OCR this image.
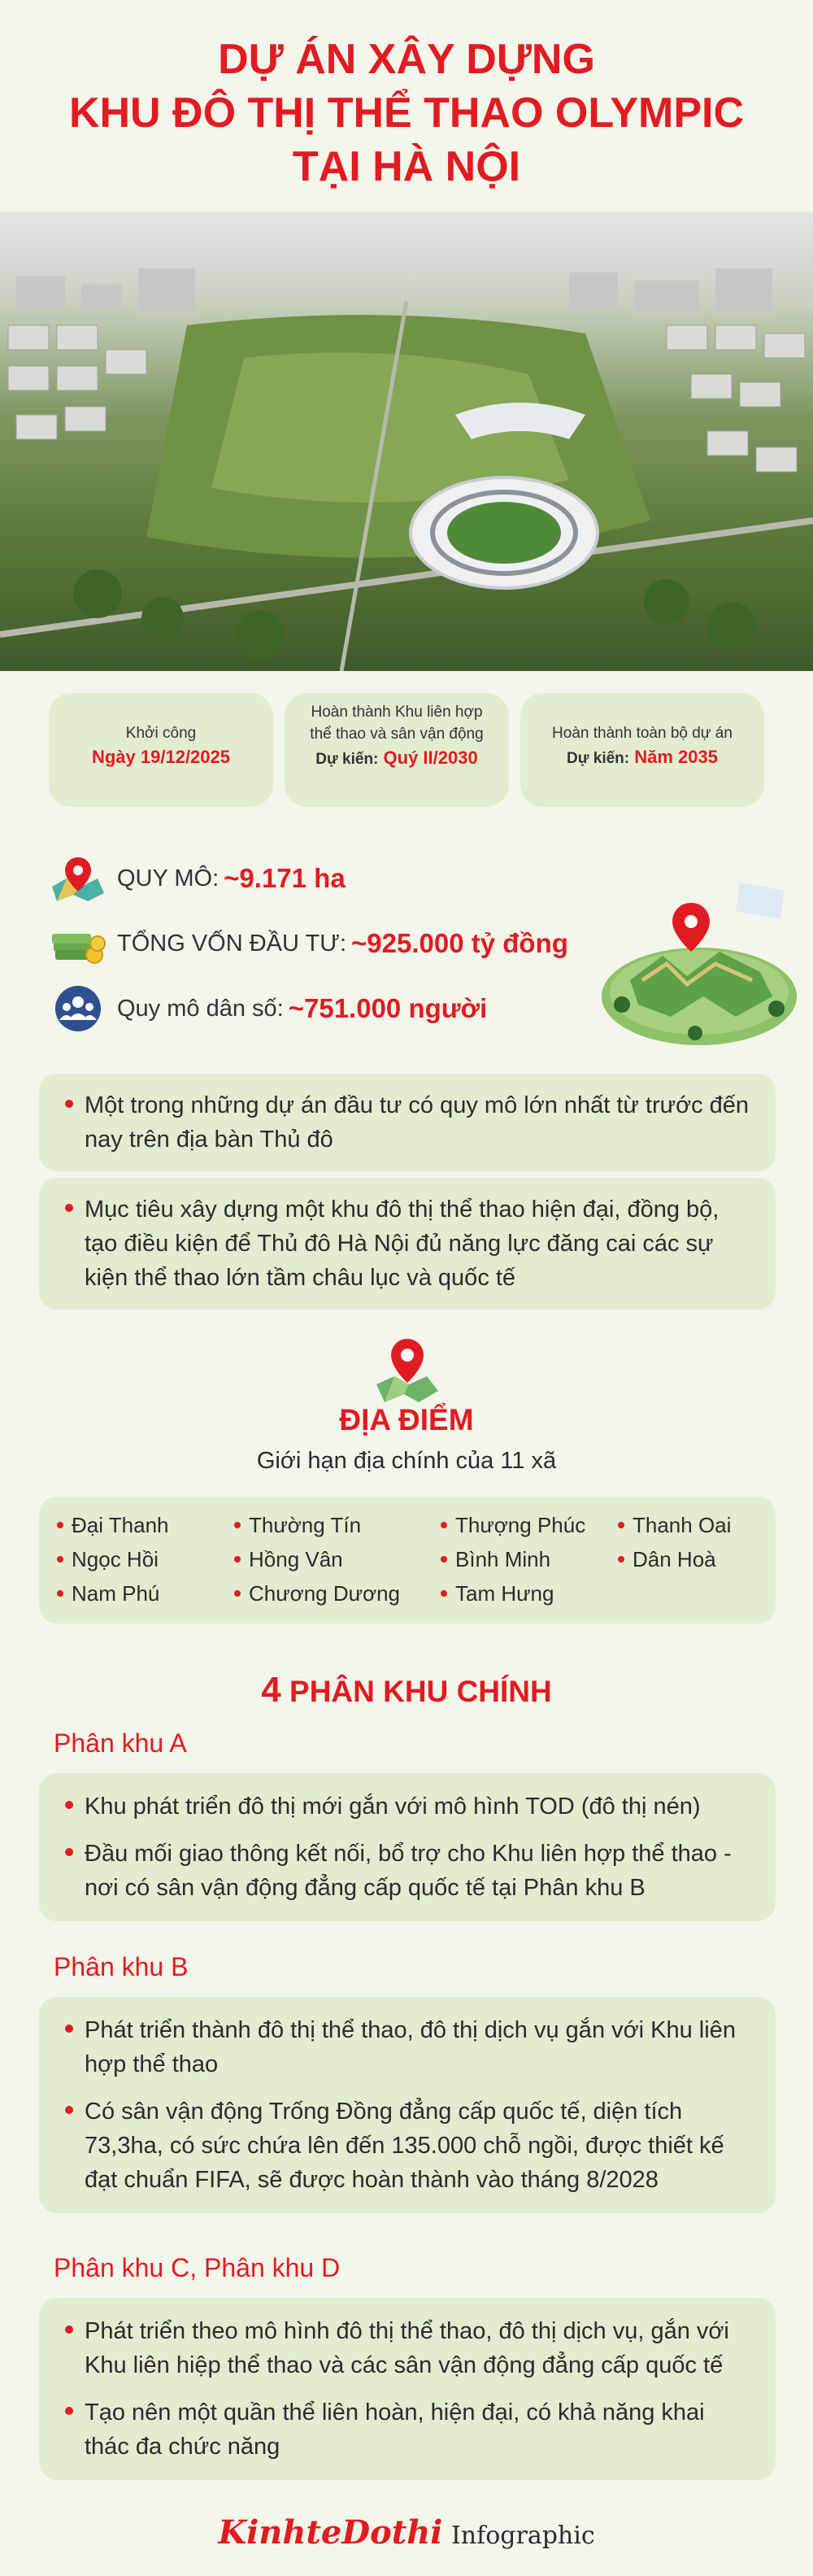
DỰ ÁN XÂY DỰNG
KHU ĐÔ THỊ THỂ THAO OLYMPIC
TẠI HÀ NỘI
Khởi công
Ngày 19/12/2025
Hoàn thành Khu liên hợp
thể thao và sân vận động
Dự kiến: Quý II/2030
Hoàn thành toàn bộ dự án
Dự kiến: Năm 2035
QUY MÔ: ~9.171 ha
TỔNG VỐN ĐẦU TƯ: ~925.000 tỷ đồng
Quy mô dân số: ~751.000 người
Một trong những dự án đầu tư có quy mô lớn nhất từ trước đến nay trên địa bàn Thủ đô
Mục tiêu xây dựng một khu đô thị thể thao hiện đại, đồng bộ, tạo điều kiện để Thủ đô Hà Nội đủ năng lực đăng cai các sự kiện thể thao lớn tầm châu lục và quốc tế
ĐỊA ĐIỂM
Giới hạn địa chính của 11 xã
Đại Thanh
Ngọc Hồi
Nam Phú
Thường Tín
Hồng Vân
Chương Dương
Thượng Phúc
Bình Minh
Tam Hưng
Thanh Oai
Dân Hoà
4 PHÂN KHU CHÍNH
Phân khu A
Khu phát triển đô thị mới gắn với mô hình TOD (đô thị nén)
Đầu mối giao thông kết nối, bổ trợ cho Khu liên hợp thể thao - nơi có sân vận động đẳng cấp quốc tế tại Phân khu B
Phân khu B
Phát triển thành đô thị thể thao, đô thị dịch vụ gắn với Khu liên hợp thể thao
Có sân vận động Trống Đồng đẳng cấp quốc tế, diện tích 73,3ha, có sức chứa lên đến 135.000 chỗ ngồi, được thiết kế đạt chuẩn FIFA, sẽ được hoàn thành vào tháng 8/2028
Phân khu C, Phân khu D
Phát triển theo mô hình đô thị thể thao, đô thị dịch vụ, gắn với Khu liên hiệp thể thao và các sân vận động đẳng cấp quốc tế
Tạo nên một quần thể liên hoàn, hiện đại, có khả năng khai thác đa chức năng
KinhteDothi Infographic
